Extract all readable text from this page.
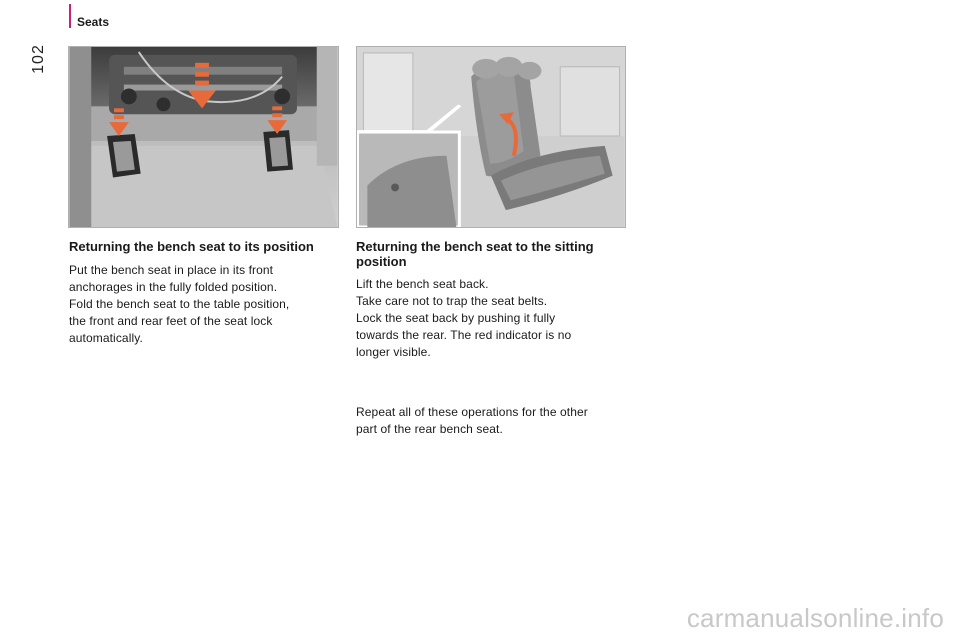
Seats
102
Returning the bench seat to its position
Put the bench seat in place in its front
anchorages in the fully folded position.
Fold the bench seat to the table position,
the front and rear feet of the seat lock
automatically.
Returning the bench seat to the sitting
position
Lift the bench seat back.
Take care not to trap the seat belts.
Lock the seat back by pushing it fully
towards the rear. The red indicator is no
longer visible.
Repeat all of these operations for the other
part of the rear bench seat.
carmanualsonline.info
